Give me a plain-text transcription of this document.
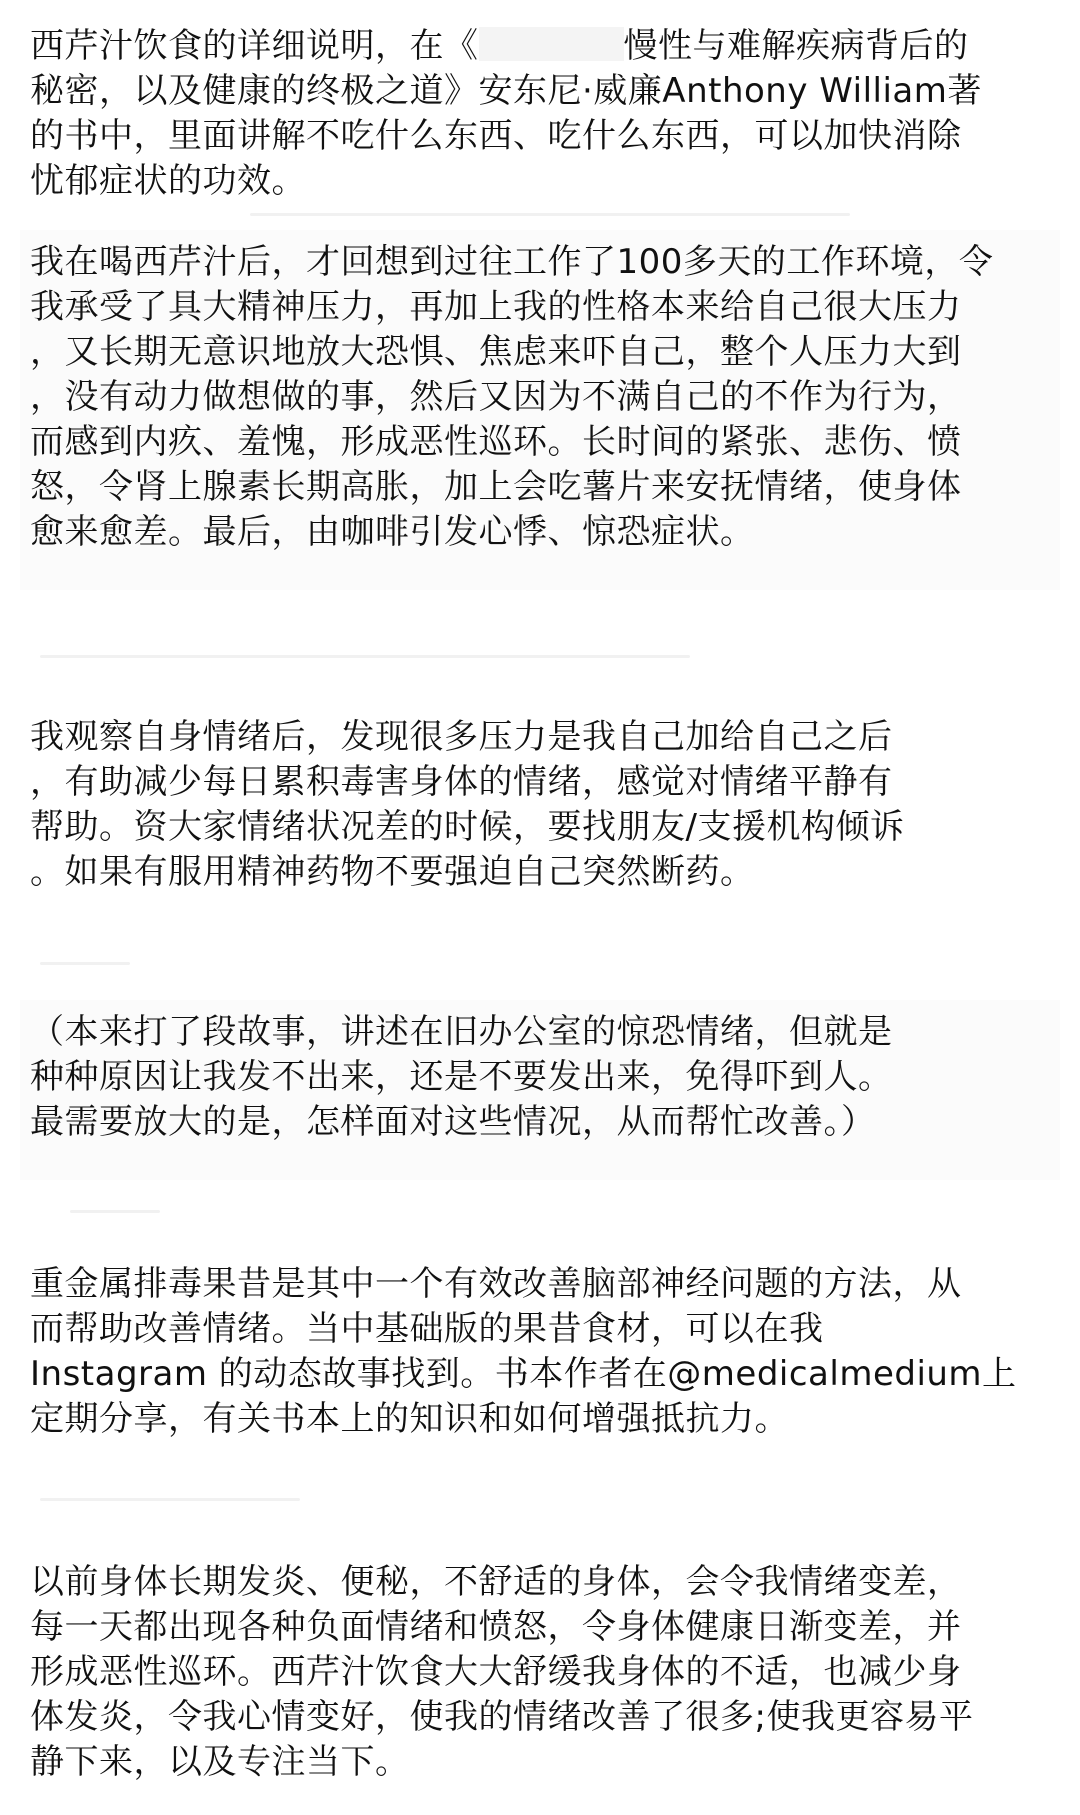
西芹汁饮食的详细说明，在《	慢性与难解疾病背后的
秘密，以及健康的终极之道》安东尼·威廉Anthony William著
的书中，里面讲解不吃什么东西、吃什么东西，可以加快消除
忧郁症状的功效。
我在喝西芹汁后，才回想到过往工作了100多天的工作环境，令
我承受了具大精神压力，再加上我的性格本来给自己很大压力
，又长期无意识地放大恐惧、焦虑来吓自己，整个人压力大到
，没有动力做想做的事，然后又因为不满自己的不作为行为，
而感到内疚、羞愧，形成恶性巡环。长时间的紧张、悲伤、愤
怒，令肾上腺素长期高胀，加上会吃薯片来安抚情绪，使身体
愈来愈差。最后，由咖啡引发心悸、惊恐症状。
我观察自身情绪后，发现很多压力是我自己加给自己之后
，有助减少每日累积毒害身体的情绪，感觉对情绪平静有
帮助。资大家情绪状况差的时候，要找朋友/支援机构倾诉
。如果有服用精神药物不要强迫自己突然断药。
（本来打了段故事，讲述在旧办公室的惊恐情绪，但就是
种种原因让我发不出来，还是不要发出来，免得吓到人。
最需要放大的是，怎样面对这些情况，从而帮忙改善。）
重金属排毒果昔是其中一个有效改善脑部神经问题的方法，从
而帮助改善情绪。当中基础版的果昔食材，可以在我
Instagram 的动态故事找到。书本作者在@medicalmedium上
定期分享，有关书本上的知识和如何增强抵抗力。
以前身体长期发炎、便秘，不舒适的身体，会令我情绪变差，
每一天都出现各种负面情绪和愤怒，令身体健康日渐变差，并
形成恶性巡环。西芹汁饮食大大舒缓我身体的不适，也减少身
体发炎，令我心情变好，使我的情绪改善了很多;使我更容易平
静下来，以及专注当下。
